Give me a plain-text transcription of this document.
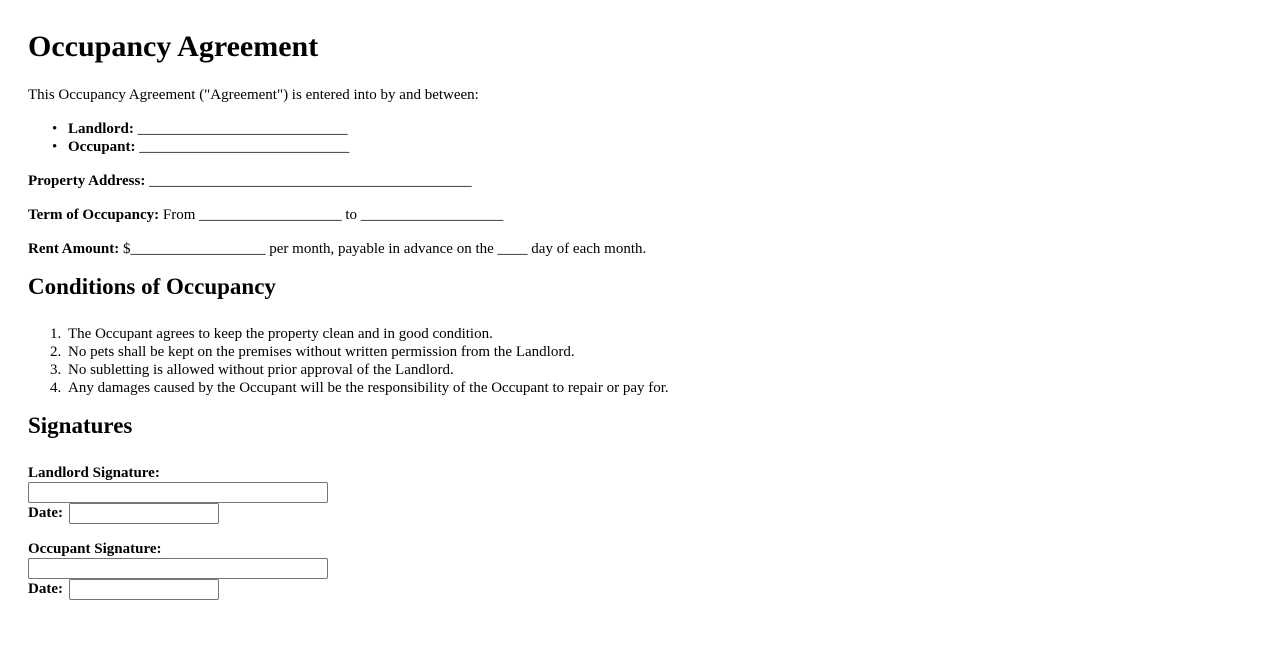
Occupancy Agreement
This Occupancy Agreement ("Agreement") is entered into by and between:
• Landlord: ____________________________
• Occupant: ____________________________
Property Address: ___________________________________________
Term of Occupancy: From ___________________ to ___________________
Rent Amount: $__________________ per month, payable in advance on the ____ day of each month.
Conditions of Occupancy
1. The Occupant agrees to keep the property clean and in good condition.
2. No pets shall be kept on the premises without written permission from the Landlord.
3. No subletting is allowed without prior approval of the Landlord.
4. Any damages caused by the Occupant will be the responsibility of the Occupant to repair or pay for.
Signatures
Landlord Signature:
Date:
Occupant Signature:
Date:
